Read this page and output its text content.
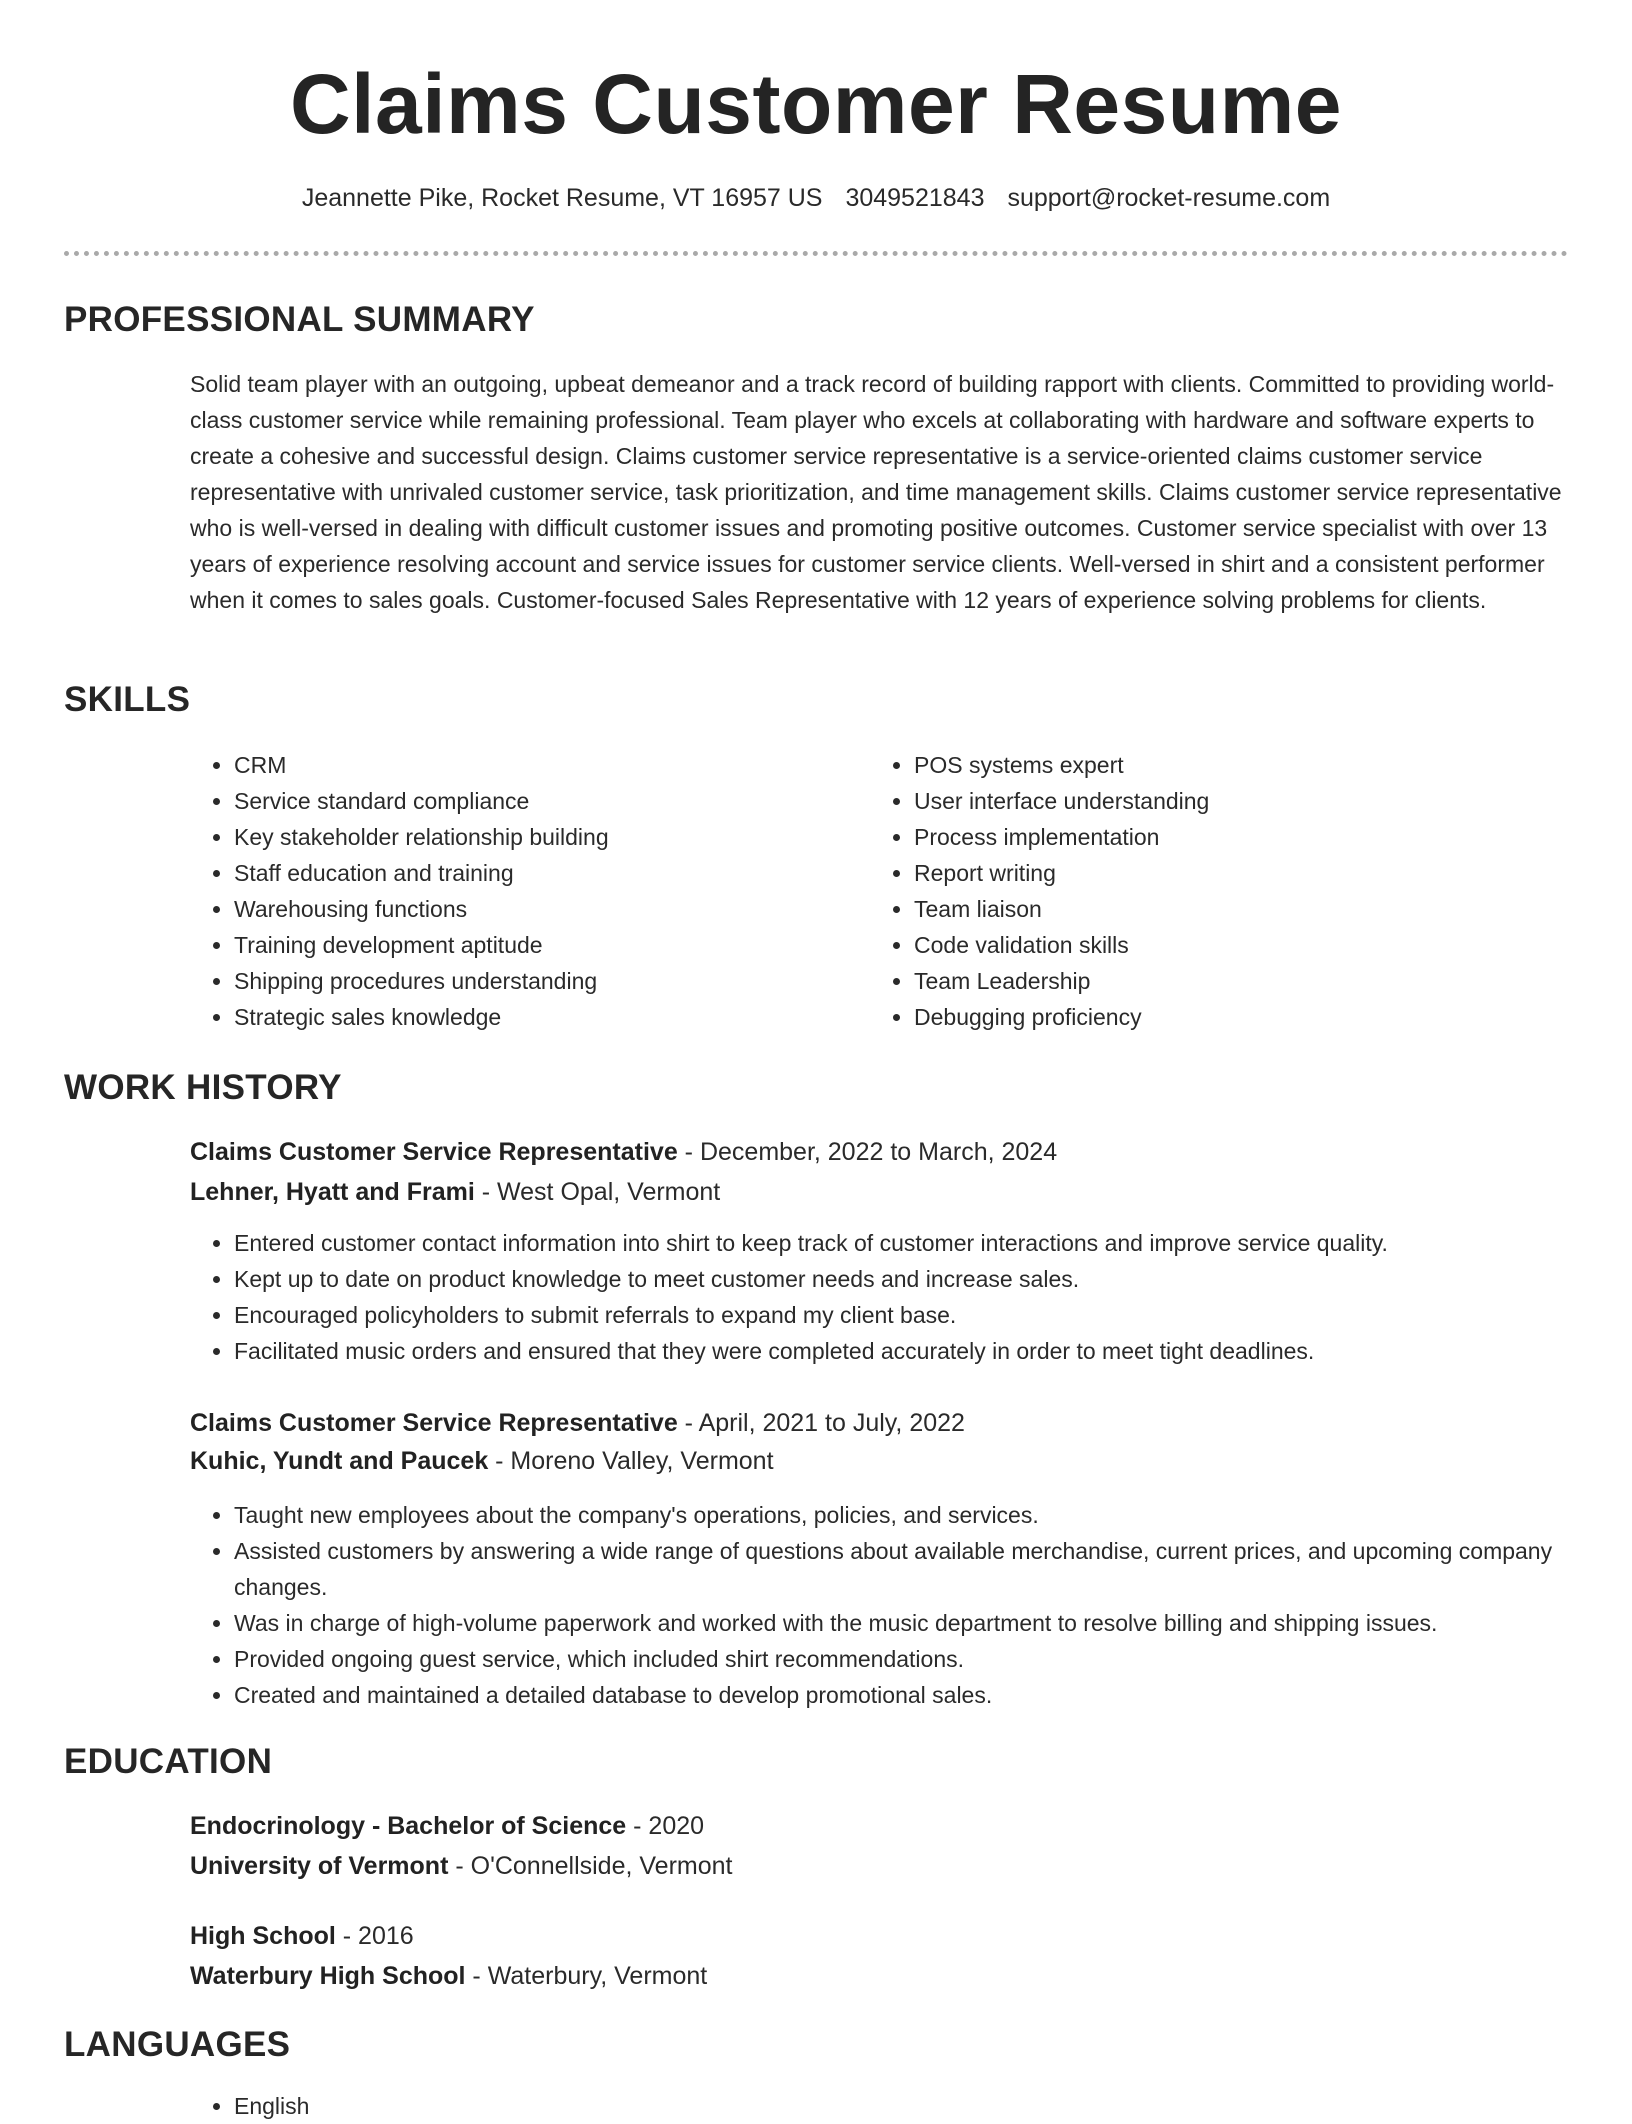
Claims Customer Resume
Jeannette Pike, Rocket Resume, VT 16957 US 3049521843 support@rocket-resume.com
PROFESSIONAL SUMMARY

Solid team player with an outgoing, upbeat demeanor and a track record of building rapport with clients. Committed to providing world-class customer service while remaining professional. Team player who excels at collaborating with hardware and software experts to create a cohesive and successful design. Claims customer service representative is a service-oriented claims customer service representative with unrivaled customer service, task prioritization, and time management skills. Claims customer service representative who is well-versed in dealing with difficult customer issues and promoting positive outcomes. Customer service specialist with over 13 years of experience resolving account and service issues for customer service clients. Well-versed in shirt and a consistent performer when it comes to sales goals. Customer-focused Sales Representative with 12 years of experience solving problems for clients.

SKILLS
• CRM
• Service standard compliance
• Key stakeholder relationship building
• Staff education and training
• Warehousing functions
• Training development aptitude
• Shipping procedures understanding
• Strategic sales knowledge
• POS systems expert
• User interface understanding
• Process implementation
• Report writing
• Team liaison
• Code validation skills
• Team Leadership
• Debugging proficiency
WORK HISTORY

Claims Customer Service Representative - December, 2022 to March, 2024

Lehner, Hyatt and Frami - West Opal, Vermont

• Entered customer contact information into shirt to keep track of customer interactions and improve service quality.
• Kept up to date on product knowledge to meet customer needs and increase sales.
• Encouraged policyholders to submit referrals to expand my client base.
• Facilitated music orders and ensured that they were completed accurately in order to meet tight deadlines.

Claims Customer Service Representative - April, 2021 to July, 2022

Kuhic, Yundt and Paucek - Moreno Valley, Vermont

• Taught new employees about the company's operations, policies, and services.
• Assisted customers by answering a wide range of questions about available merchandise, current prices, and upcoming company changes.
• Was in charge of high-volume paperwork and worked with the music department to resolve billing and shipping issues.
• Provided ongoing guest service, which included shirt recommendations.
• Created and maintained a detailed database to develop promotional sales.
EDUCATION

Endocrinology - Bachelor of Science - 2020

University of Vermont - O'Connellside, Vermont

High School - 2016

Waterbury High School - Waterbury, Vermont

LANGUAGES
• English
